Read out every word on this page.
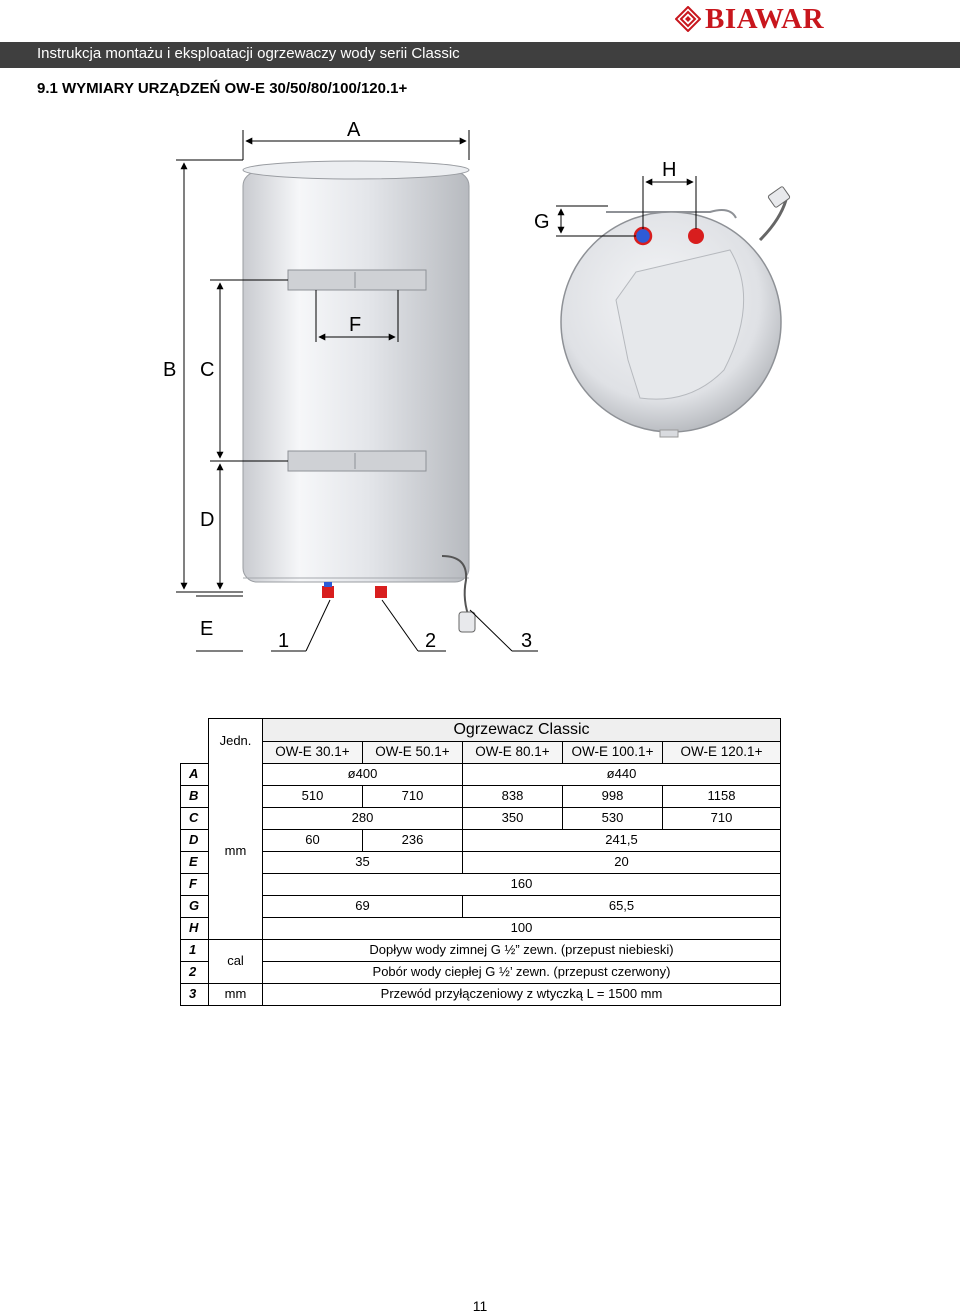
BIAWAR
Instrukcja montażu i eksploatacji ogrzewaczy wody serii Classic
9.1 WYMIARY URZĄDZEŃ OW-E 30/50/80/100/120.1+
A
B C
D
E
F
1	2	3
G
H
	Jedn.	Ogrzewacz Classic				
		OW-E 30.1+	OW-E 50.1+	OW-E 80.1+	OW-E 100.1+	OW-E 120.1+
A	mm	ø400		ø440		
B		510	710	838	998	1158
C		280		350	530	710
D		60	236	241,5		
E		35		20		
F		160				
G		69		65,5		
H		100				
1	cal	Dopływ wody zimnej G ½” zewn. (przepust niebieski)				
2		Pobór wody ciepłej G ½’ zewn. (przepust czerwony)				
3	mm	Przewód przyłączeniowy z wtyczką L = 1500 mm				
11
